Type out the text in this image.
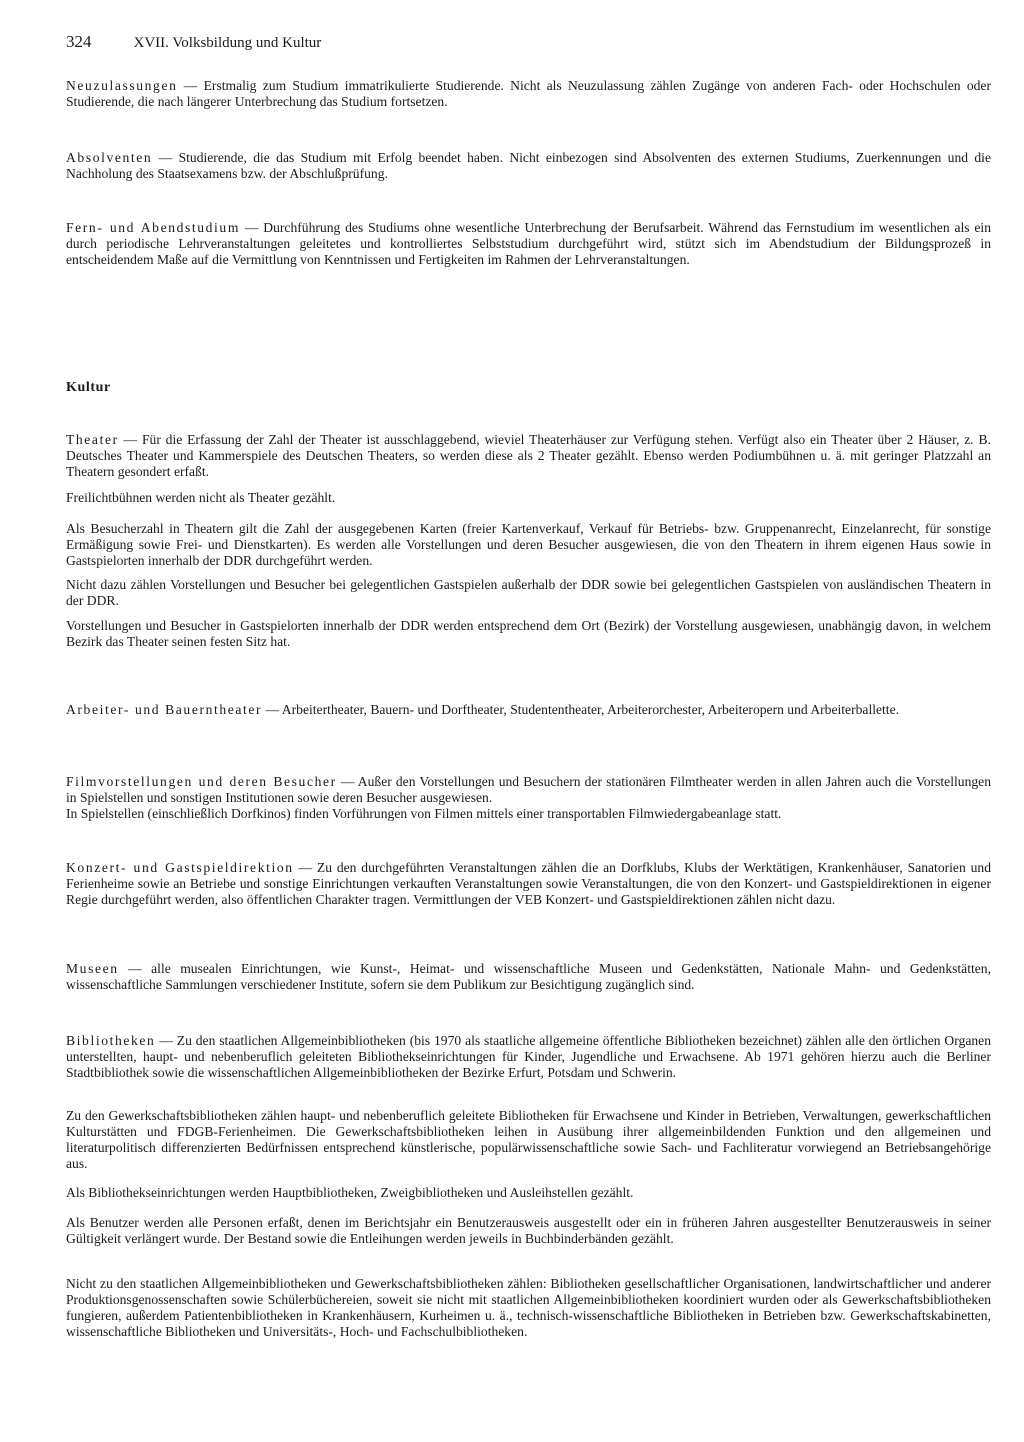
324	XVII. Volksbildung und Kultur

Neuzulassungen — Erstmalig zum Studium immatrikulierte Studierende. Nicht als Neuzulassung zählen Zugänge von anderen Fach- oder Hochschulen oder Studierende, die nach längerer Unterbrechung das Studium fortsetzen.

Absolventen — Studierende, die das Studium mit Erfolg beendet haben. Nicht einbezogen sind Absolventen des externen Studiums, Zuerkennungen und die Nachholung des Staatsexamens bzw. der Abschlußprüfung.

Fern- und Abendstudium — Durchführung des Studiums ohne wesentliche Unterbrechung der Berufsarbeit. Während das Fernstudium im wesentlichen als ein durch periodische Lehrveranstaltungen geleitetes und kontrolliertes Selbststudium durchgeführt wird, stützt sich im Abendstudium der Bildungsprozeß in entscheidendem Maße auf die Vermittlung von Kenntnissen und Fertigkeiten im Rahmen der Lehrveranstaltungen.

Kultur

Theater — Für die Erfassung der Zahl der Theater ist ausschlaggebend, wieviel Theaterhäuser zur Verfügung stehen. Verfügt also ein Theater über 2 Häuser, z. B. Deutsches Theater und Kammerspiele des Deutschen Theaters, so werden diese als 2 Theater gezählt. Ebenso werden Podiumbühnen u. ä. mit geringer Platzzahl an Theatern gesondert erfaßt.

Freilichtbühnen werden nicht als Theater gezählt.

Als Besucherzahl in Theatern gilt die Zahl der ausgegebenen Karten (freier Kartenverkauf, Verkauf für Betriebs- bzw. Gruppenanrecht, Einzelanrecht, für sonstige Ermäßigung sowie Frei- und Dienstkarten). Es werden alle Vorstellungen und deren Besucher ausgewiesen, die von den Theatern in ihrem eigenen Haus sowie in Gastspielorten innerhalb der DDR durchgeführt werden.

Nicht dazu zählen Vorstellungen und Besucher bei gelegentlichen Gastspielen außerhalb der DDR sowie bei gelegentlichen Gastspielen von ausländischen Theatern in der DDR.

Vorstellungen und Besucher in Gastspielorten innerhalb der DDR werden entsprechend dem Ort (Bezirk) der Vorstellung ausgewiesen, unabhängig davon, in welchem Bezirk das Theater seinen festen Sitz hat.

Arbeiter- und Bauerntheater — Arbeitertheater, Bauern- und Dorftheater, Studententheater, Arbeiterorchester, Arbeiteropern und Arbeiterballette.

Filmvorstellungen und deren Besucher — Außer den Vorstellungen und Besuchern der stationären Filmtheater werden in allen Jahren auch die Vorstellungen in Spielstellen und sonstigen Institutionen sowie deren Besucher ausgewiesen.

In Spielstellen (einschließlich Dorfkinos) finden Vorführungen von Filmen mittels einer transportablen Filmwiedergabeanlage statt.

Konzert- und Gastspieldirektion — Zu den durchgeführten Veranstaltungen zählen die an Dorfklubs, Klubs der Werktätigen, Krankenhäuser, Sanatorien und Ferienheime sowie an Betriebe und sonstige Einrichtungen verkauften Veranstaltungen sowie Veranstaltungen, die von den Konzert- und Gastspieldirektionen in eigener Regie durchgeführt werden, also öffentlichen Charakter tragen. Vermittlungen der VEB Konzert- und Gastspieldirektionen zählen nicht dazu.

Museen — alle musealen Einrichtungen, wie Kunst-, Heimat- und wissenschaftliche Museen und Gedenkstätten, Nationale Mahn- und Gedenkstätten, wissenschaftliche Sammlungen verschiedener Institute, sofern sie dem Publikum zur Besichtigung zugänglich sind.

Bibliotheken — Zu den staatlichen Allgemeinbibliotheken (bis 1970 als staatliche allgemeine öffentliche Bibliotheken bezeichnet) zählen alle den örtlichen Organen unterstellten, haupt- und nebenberuflich geleiteten Bibliothekseinrichtungen für Kinder, Jugendliche und Erwachsene. Ab 1971 gehören hierzu auch die Berliner Stadtbibliothek sowie die wissenschaftlichen Allgemeinbibliotheken der Bezirke Erfurt, Potsdam und Schwerin.

Zu den Gewerkschaftsbibliotheken zählen haupt- und nebenberuflich geleitete Bibliotheken für Erwachsene und Kinder in Betrieben, Verwaltungen, gewerkschaftlichen Kulturstätten und FDGB-Ferienheimen. Die Gewerkschaftsbibliotheken leihen in Ausübung ihrer allgemeinbildenden Funktion und den allgemeinen und literaturpolitisch differenzierten Bedürfnissen entsprechend künstlerische, populärwissenschaftliche sowie Sach- und Fachliteratur vorwiegend an Betriebsangehörige aus.

Als Bibliothekseinrichtungen werden Hauptbibliotheken, Zweigbibliotheken und Ausleihstellen gezählt.

Als Benutzer werden alle Personen erfaßt, denen im Berichtsjahr ein Benutzerausweis ausgestellt oder ein in früheren Jahren ausgestellter Benutzerausweis in seiner Gültigkeit verlängert wurde. Der Bestand sowie die Entleihungen werden jeweils in Buchbinderbänden gezählt.

Nicht zu den staatlichen Allgemeinbibliotheken und Gewerkschaftsbibliotheken zählen: Bibliotheken gesellschaftlicher Organisationen, landwirtschaftlicher und anderer Produktionsgenossenschaften sowie Schülerbüchereien, soweit sie nicht mit staatlichen Allgemeinbibliotheken koordiniert wurden oder als Gewerkschaftsbibliotheken fungieren, außerdem Patientenbibliotheken in Krankenhäusern, Kurheimen u. ä., technisch-wissenschaftliche Bibliotheken in Betrieben bzw. Gewerkschaftskabinetten, wissenschaftliche Bibliotheken und Universitäts-, Hoch- und Fachschulbibliotheken.
